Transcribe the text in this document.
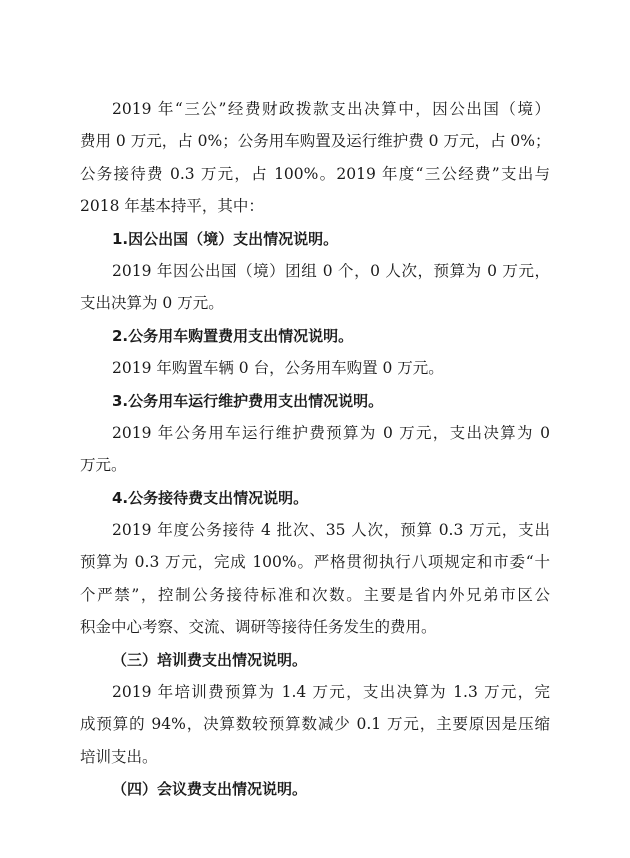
2019 年“三公”经费财政拨款支出决算中，因公出国（境）
费用 0 万元，占 0%；公务用车购置及运行维护费 0 万元，占 0%；
公务接待费 0.3 万元，占 100%。2019 年度“三公经费”支出与
2018 年基本持平，其中：
1.因公出国（境）支出情况说明。
2019 年因公出国（境）团组 0 个，0 人次，预算为 0 万元，
支出决算为 0 万元。
2.公务用车购置费用支出情况说明。
2019 年购置车辆 0 台，公务用车购置 0 万元。
3.公务用车运行维护费用支出情况说明。
2019 年公务用车运行维护费预算为 0 万元，支出决算为 0
万元。
4.公务接待费支出情况说明。
2019 年度公务接待 4 批次、35 人次，预算 0.3 万元，支出
预算为 0.3 万元，完成 100%。严格贯彻执行八项规定和市委“十
个严禁”，控制公务接待标准和次数。主要是省内外兄弟市区公
积金中心考察、交流、调研等接待任务发生的费用。
（三）培训费支出情况说明。
2019 年培训费预算为 1.4 万元，支出决算为 1.3 万元，完
成预算的 94%，决算数较预算数减少 0.1 万元，主要原因是压缩
培训支出。
（四）会议费支出情况说明。
